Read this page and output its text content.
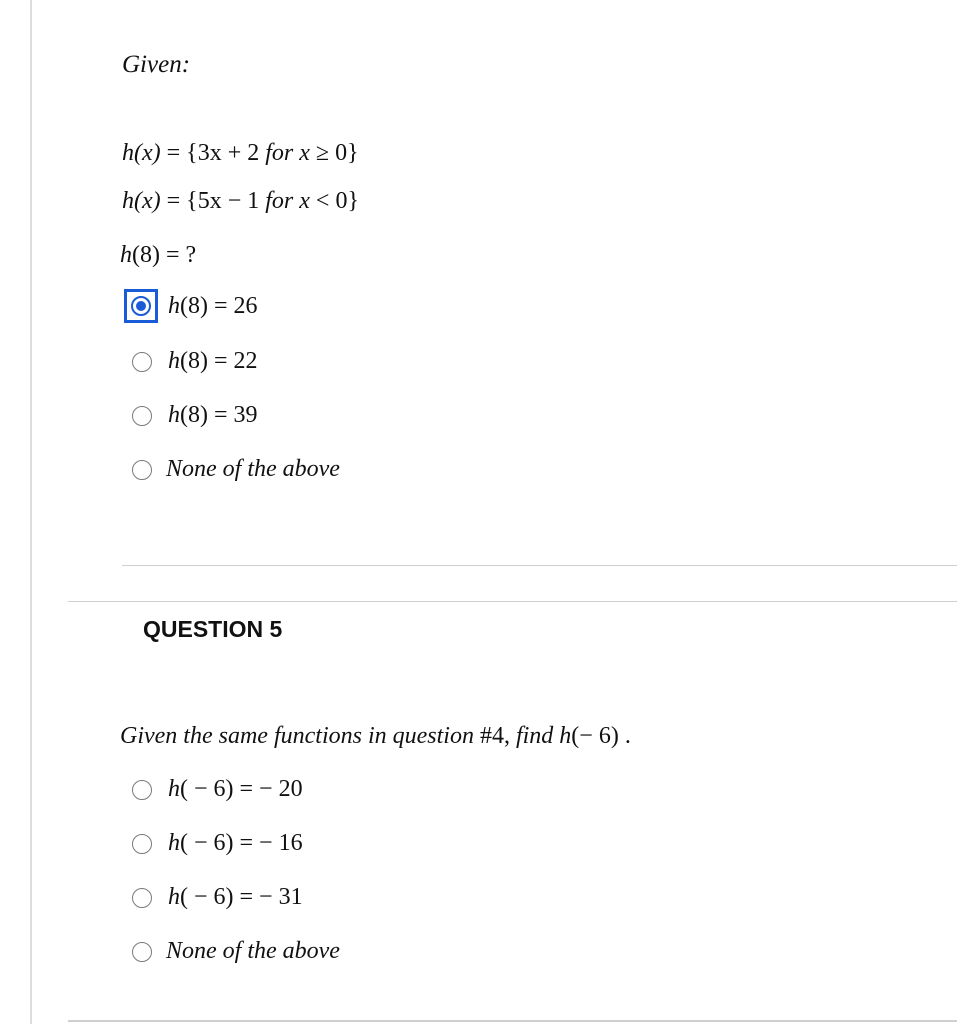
Given:
h(x) = {3x + 2 for x ≥ 0}
h(x) = {5x − 1 for x < 0}
h(8) = ?
h(8) = 26
h(8) = 22
h(8) = 39
None of the above
QUESTION 5
Given the same functions in question #4, find h(− 6) .
h( − 6) = − 20
h( − 6) = − 16
h( − 6) = − 31
None of the above
